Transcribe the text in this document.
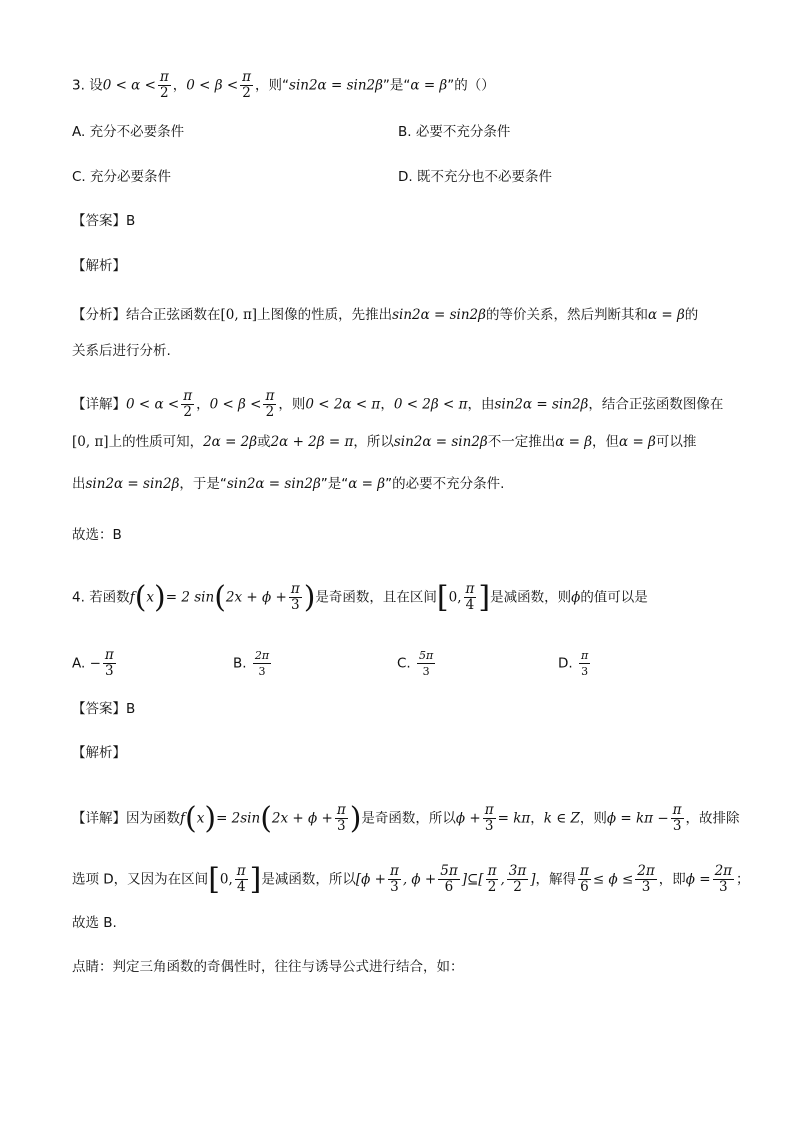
3. 设$0 < \alpha < \frac{\pi}{2}$ ，$0 < \beta < \frac{\pi}{2}$ ，则“sin2α = sin2β”是“α = β”的（）
A. 充分不必要条件	B. 必要不充分条件
C. 充分必要条件	D. 既不充分也不必要条件
【答案】B
【解析】
【分析】结合正弦函数在[0, π]上图像的性质，先推出sin2α = sin2β的等价关系，然后判断其和α = β的
关系后进行分析.
【详解】$0 < \alpha < \frac{\pi}{2}$ ，$0 < \beta < \frac{\pi}{2}$ ，则0 < 2α < π，0 < 2β < π，由sin2α = sin2β，结合正弦函数图像在
[0, π]上的性质可知，2α = 2β或2α + 2β = π，所以sin2α = sin2β不一定推出α = β，但α = β可以推
出sin2α = sin2β，于是“sin2α = sin2β”是“α = β”的必要不充分条件.
故选：B
4. 若函数f(x)= 2 $\sin(2x + \phi + \frac{\pi}{3}$ )是奇函数，且在区间[0, $\frac{\pi}{4}$ ]是减函数，则ϕ的值可以是
A. − $\frac{\pi}{3}$	B. $\frac{2\pi}{3}$	C. $\frac{5\pi}{3}$	D. $\frac{\pi}{3}$
【答案】B
【解析】
【详解】因为函数$f(x)= 2\sin(2x + \phi + \frac{\pi}{3}$ )是奇函数，所以$\phi + \frac{\pi}{3} = k\pi$，k ∈ Z，则$\phi = k\pi - \frac{\pi}{3}$ ，故排除
选项 D，又因为在区间[0, $\frac{\pi}{4}$ ]是减函数，所以[$\phi + \frac{\pi}{3}$ , $\phi + \frac{5\pi}{6}$ ]⊆[ $\frac{\pi}{2}$ , $\frac{3\pi}{2}$ ]，解得 $\frac{\pi}{6} \le \phi \le \frac{2\pi}{3}$ ，即$\phi = \frac{2\pi}{3}$ ；
故选 B.
点睛：判定三角函数的奇偶性时，往往与诱导公式进行结合，如：
